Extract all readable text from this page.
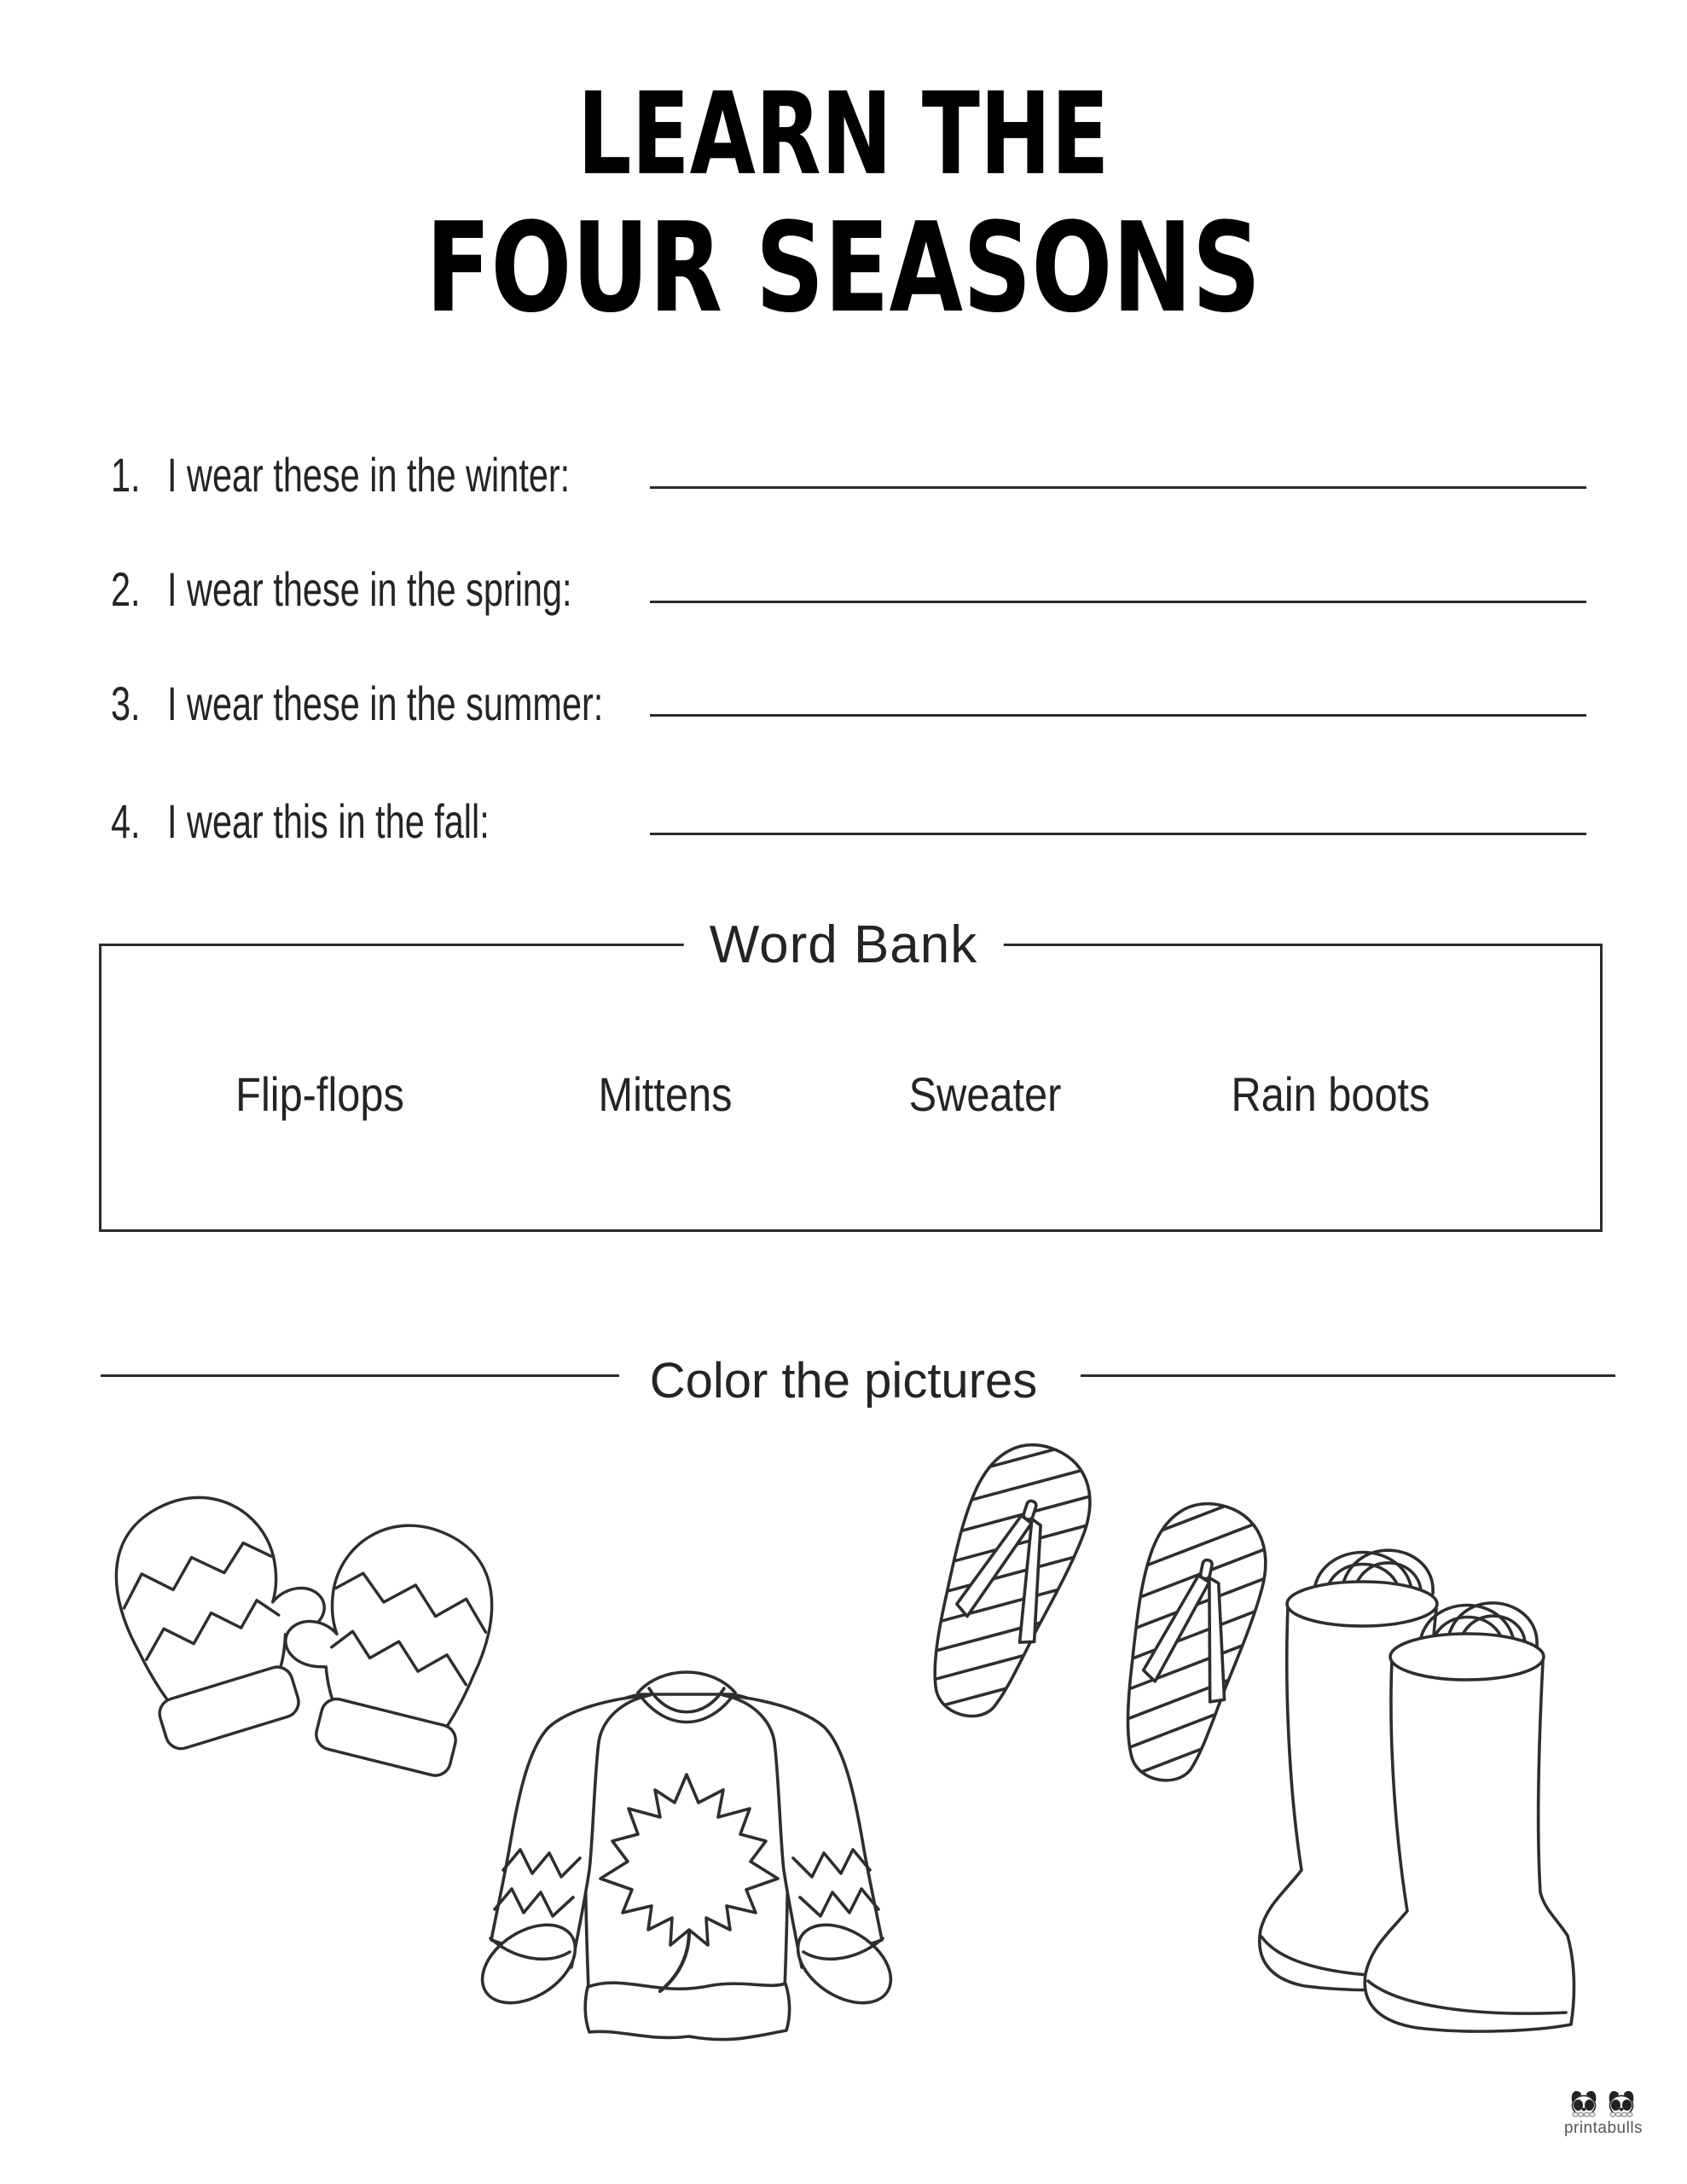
LEARN THE
FOUR SEASONS
1. I wear these in the winter:
2. I wear these in the spring:
3. I wear these in the summer:
4. I wear this in the fall:
Word Bank
Flip-flops	Mittens	Sweater	Rain boots
Color the pictures
printabulls
